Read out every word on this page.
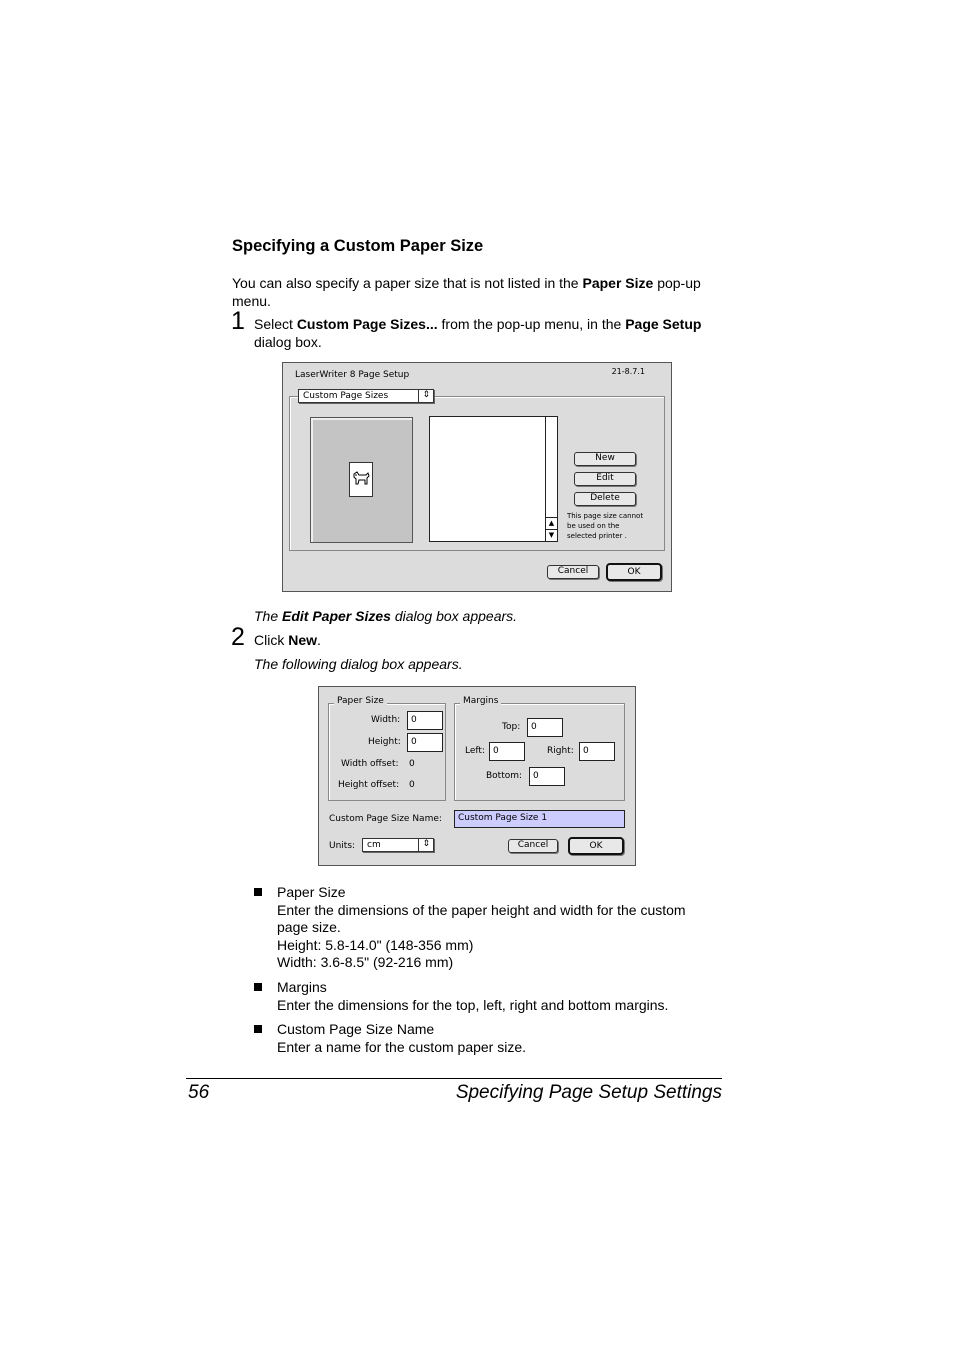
Specifying a Custom Paper Size
You can also specify a paper size that is not listed in the Paper Size pop-up
menu.
1 Select Custom Page Sizes... from the pop-up menu, in the Page Setup
dialog box.
LaserWriter 8 Page Setup	21-8.7.1
Custom Page Sizes	⇕
▲
▼
New
Edit
Delete
This page size cannot
be used on the
selected printer .
Cancel	OK
The Edit Paper Sizes dialog box appears.
2 Click New.
The following dialog box appears.
Paper Size
Width:	0
Height:	0
Width offset: 0
Height offset: 0
Margins
Top:	0
Left: 0	Right:	0
Bottom:	0
Custom Page Size Name:	Custom Page Size 1
Units:	cm	⇕	Cancel	OK
Paper Size
Enter the dimensions of the paper height and width for the custom
page size.
Height: 5.8-14.0" (148-356 mm)
Width: 3.6-8.5" (92-216 mm)
Margins
Enter the dimensions for the top, left, right and bottom margins.
Custom Page Size Name
Enter a name for the custom paper size.
56	Specifying Page Setup Settings
